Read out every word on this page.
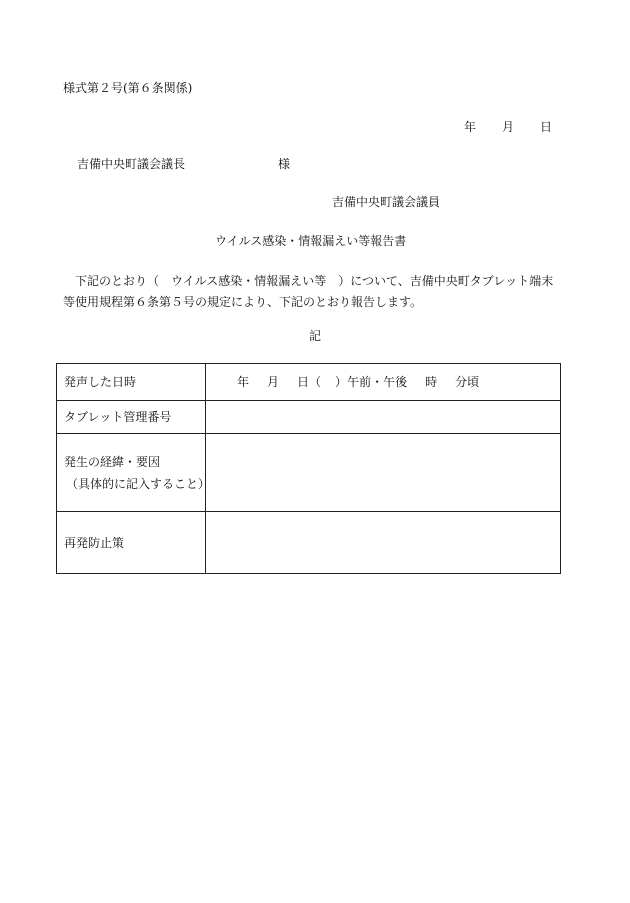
様式第２号(第６条関係)
年 月 日
吉備中央町議会議長	様
吉備中央町議会議員
ウイルス感染・情報漏えい等報告書
　下記のとおり（　ウイルス感染・情報漏えい等　）について、吉備中央町タブレット端末
等使用規程第６条第５号の規定により、下記のとおり報告します。
記
発声した日時	年 月 日（ ）午前・午後 時 分頃

タブレット管理番号	

発生の経緯・要因
（具体的に記入すること）	

再発防止策	
